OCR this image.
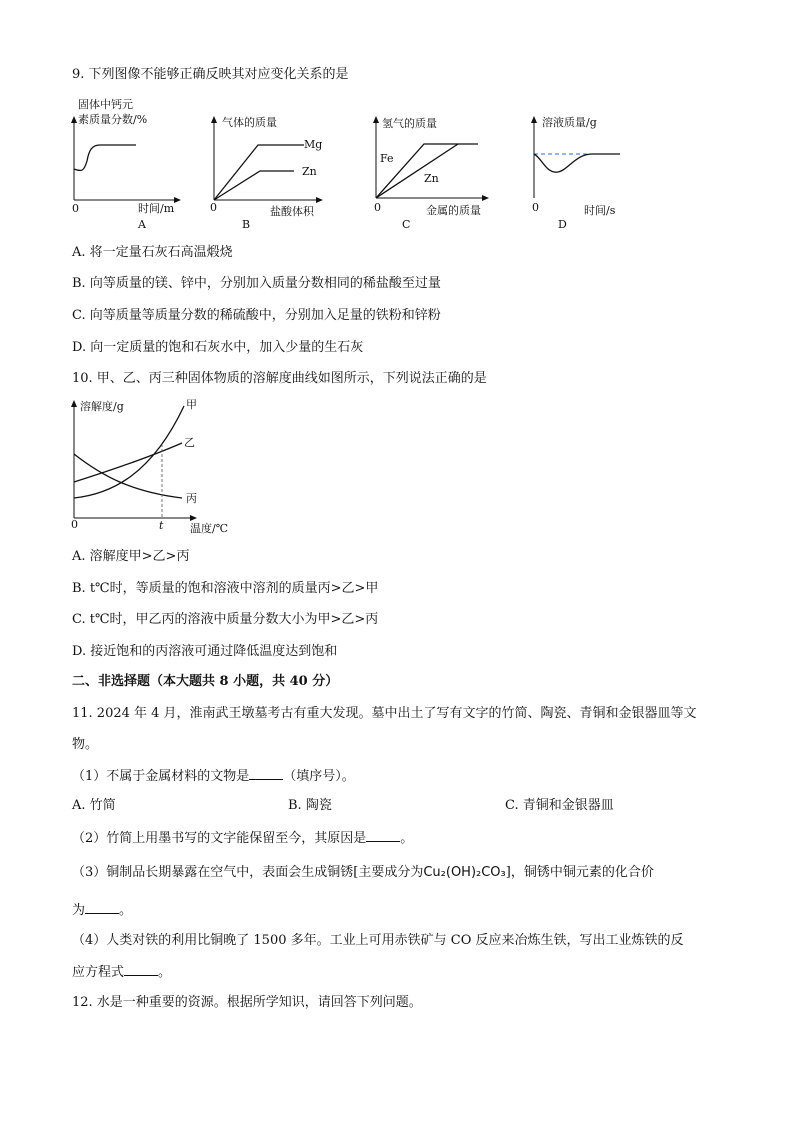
9. 下列图像不能够正确反映其对应变化关系的是
固体中钙元
素质量分数/%
0	时间/m
A
气体的质量
Mg
Zn
0	盐酸体积
B
氢气的质量
Fe
Zn
0	金属的质量
C
溶液质量/g
0	时间/s
D
A. 将一定量石灰石高温煅烧
B. 向等质量的镁、锌中，分别加入质量分数相同的稀盐酸至过量
C. 向等质量等质量分数的稀硫酸中，分别加入足量的铁粉和锌粉
D. 向一定质量的饱和石灰水中，加入少量的生石灰
10. 甲、乙、丙三种固体物质的溶解度曲线如图所示，下列说法正确的是
溶解度/g	甲
乙
丙
0	t 温度/℃
A. 溶解度甲>乙>丙
B. t℃时，等质量的饱和溶液中溶剂的质量丙>乙>甲
C. t℃时，甲乙丙的溶液中质量分数大小为甲>乙>丙
D. 接近饱和的丙溶液可通过降低温度达到饱和
二、非选择题（本大题共 8 小题，共 40 分）
11. 2024 年 4 月，淮南武王墩墓考古有重大发现。墓中出土了写有文字的竹简、陶瓷、青铜和金银器皿等文
物。
（1）不属于金属材料的文物是	（填序号）。
A. 竹简	B. 陶瓷	C. 青铜和金银器皿
（2）竹简上用墨书写的文字能保留至今，其原因是	。
（3）铜制品长期暴露在空气中，表面会生成铜锈[主要成分为Cu₂(OH)₂CO₃]，铜锈中铜元素的化合价
为	。
（4）人类对铁的利用比铜晚了 1500 多年。工业上可用赤铁矿与 CO 反应来冶炼生铁，写出工业炼铁的反
应方程式	。
12. 水是一种重要的资源。根据所学知识，请回答下列问题。
